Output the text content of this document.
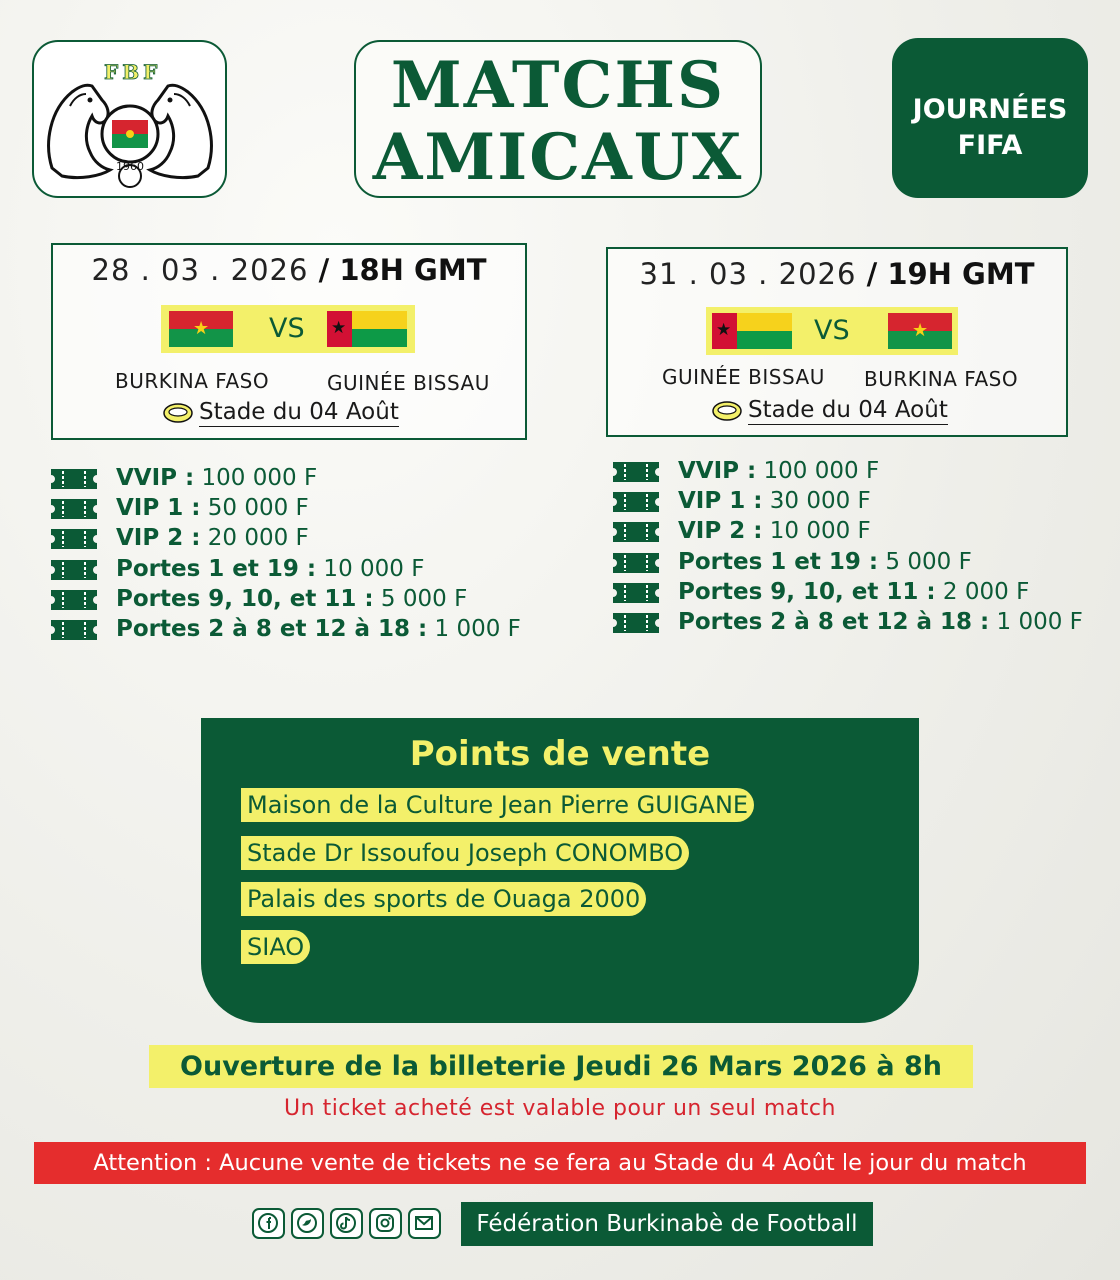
FBF
1960
MATCHS
AMICAUX
JOURNÉES
FIFA
28 . 03 . 2026 / 18H GMT
★ VS ★
BURKINA FASO	GUINÉE BISSAU
Stade du 04 Août
31 . 03 . 2026 / 19H GMT
★	VS	★
GUINÉE BISSAU BURKINA FASO
Stade du 04 Août
VVIP : 100 000 F
VIP 1 : 50 000 F
VIP 2 : 20 000 F
Portes 1 et 19 : 10 000 F
Portes 9, 10, et 11 : 5 000 F
Portes 2 à 8 et 12 à 18 : 1 000 F
VVIP : 100 000 F
VIP 1 : 30 000 F
VIP 2 : 10 000 F
Portes 1 et 19 : 5 000 F
Portes 9, 10, et 11 : 2 000 F
Portes 2 à 8 et 12 à 18 : 1 000 F
Points de vente
Maison de la Culture Jean Pierre GUIGANE
Stade Dr Issoufou Joseph CONOMBO
Palais des sports de Ouaga 2000
SIAO
Ouverture de la billeterie Jeudi 26 Mars 2026 à 8h
Un ticket acheté est valable pour un seul match
Attention : Aucune vente de tickets ne se fera au Stade du 4 Août le jour du match
Fédération Burkinabè de Football
